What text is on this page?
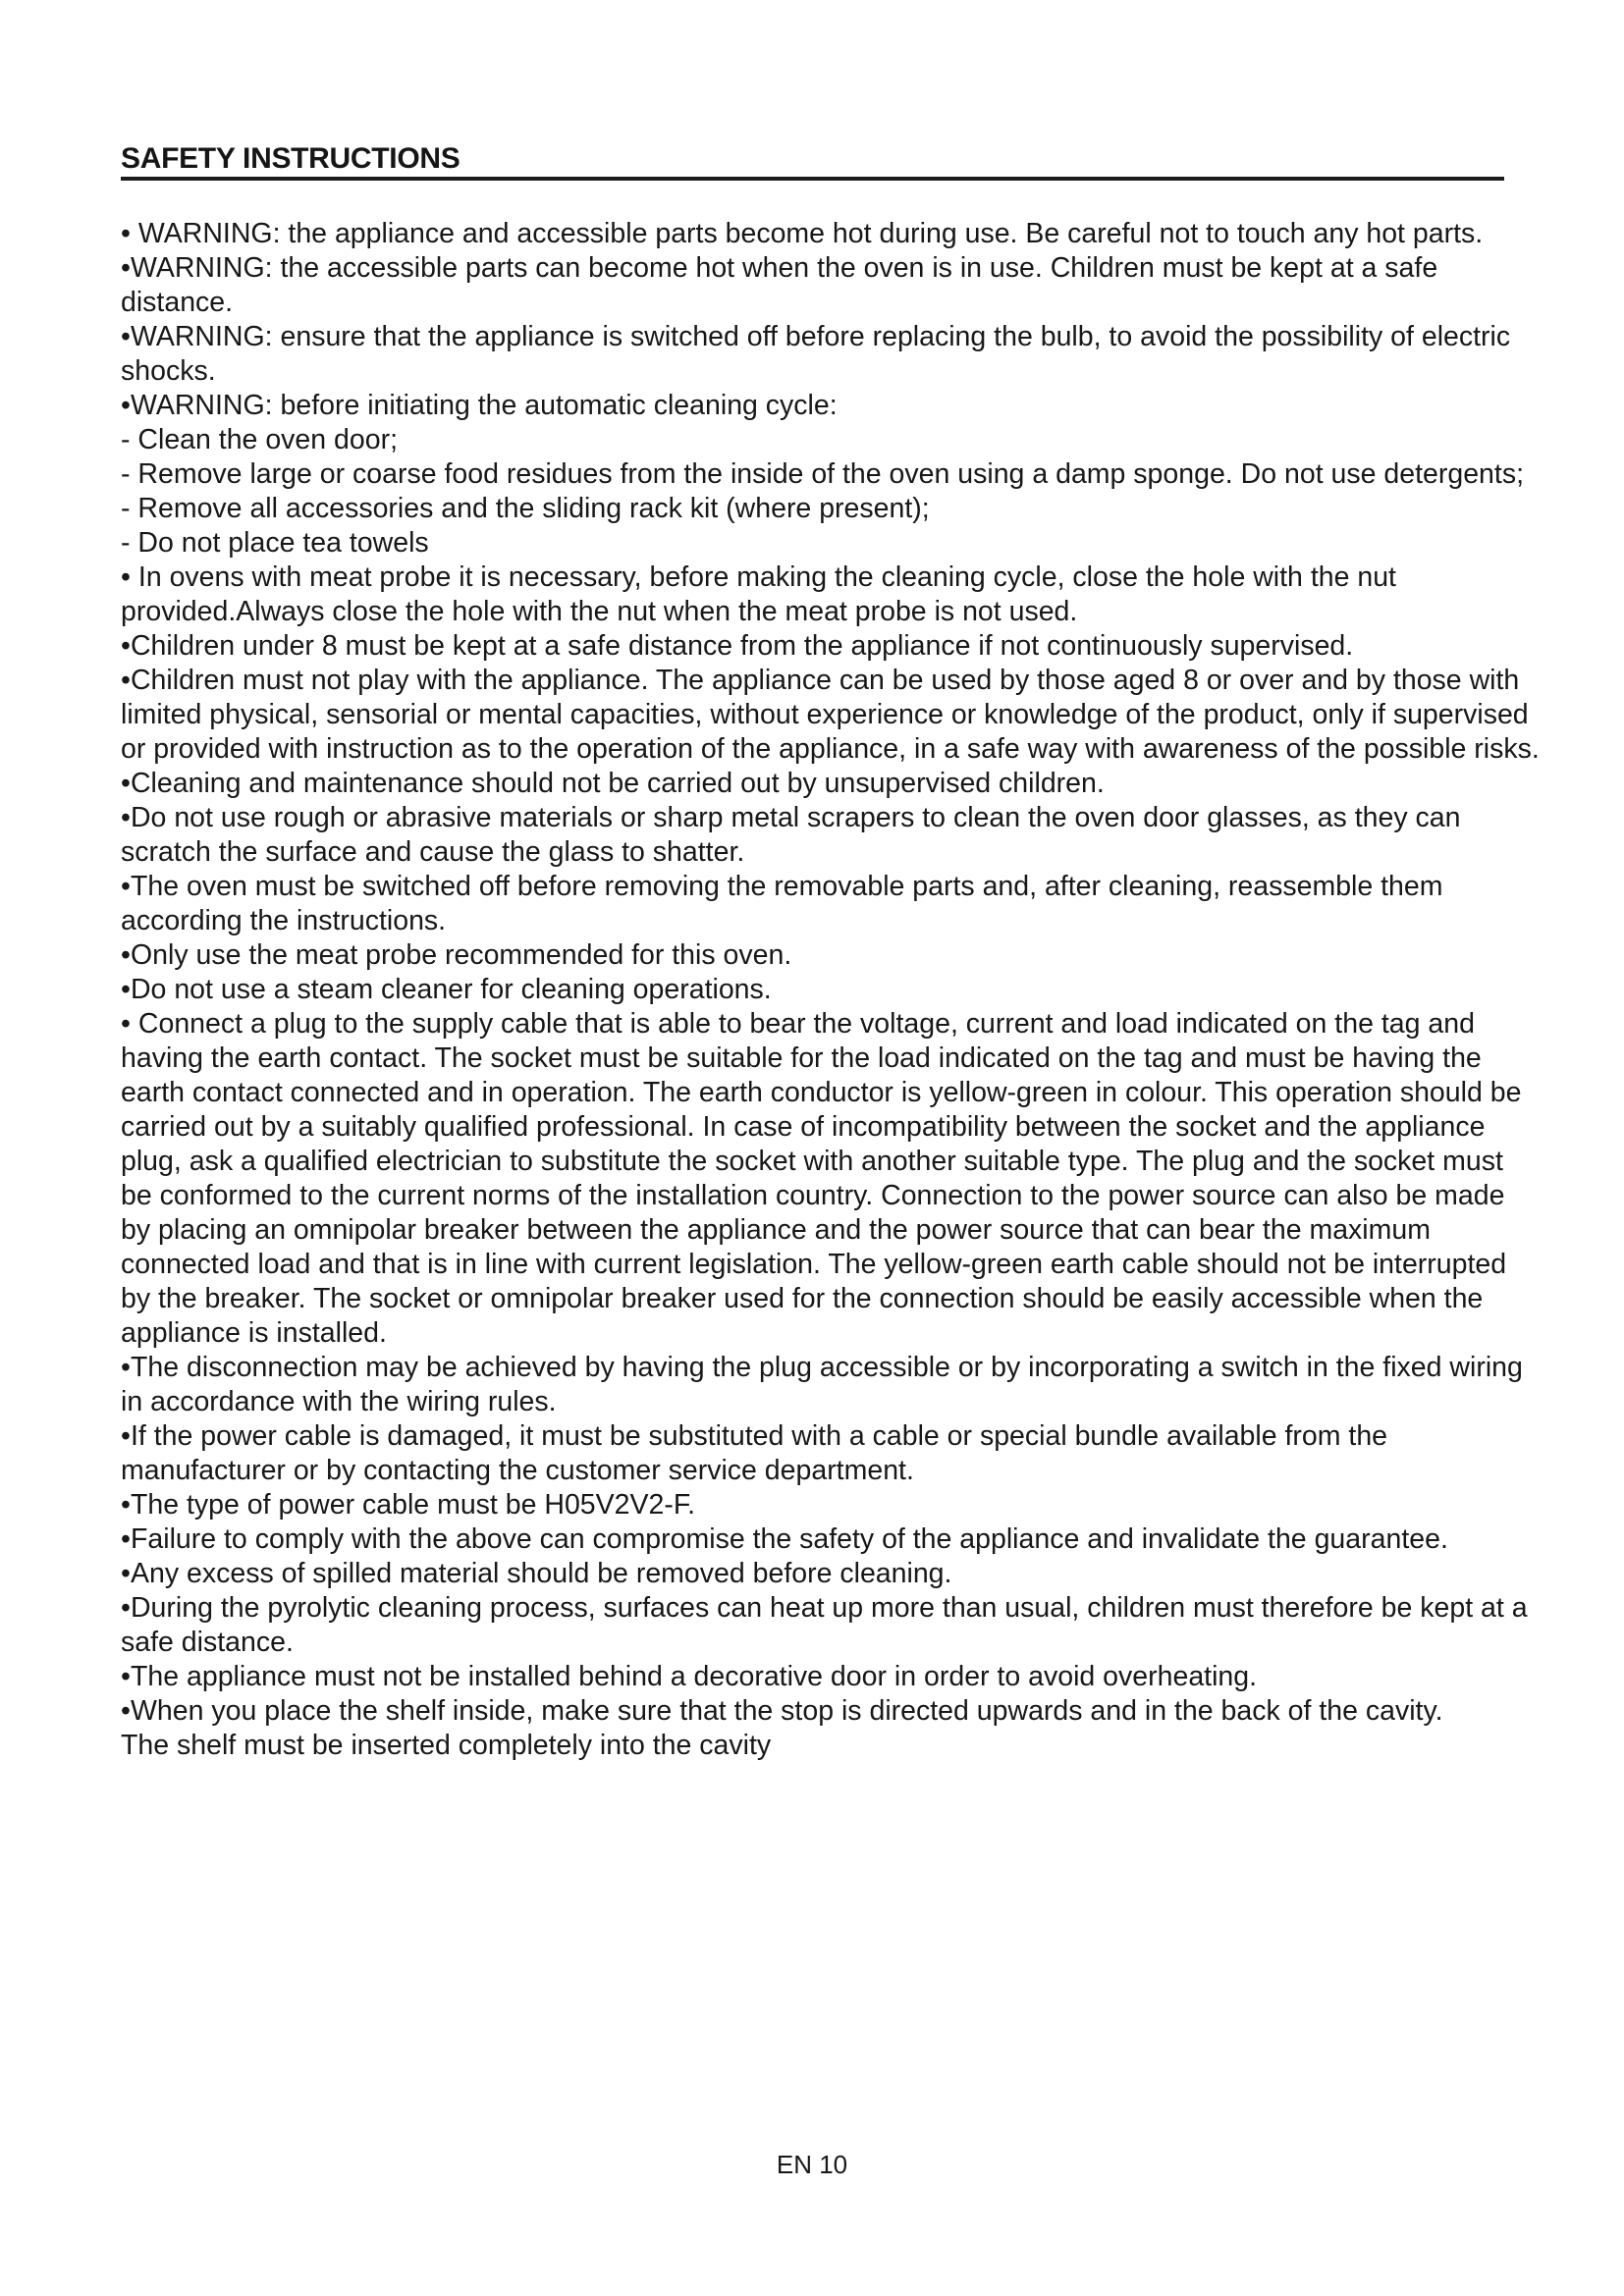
SAFETY INSTRUCTIONS

• WARNING: the appliance and accessible parts become hot during use. Be careful not to touch any hot parts.

•WARNING: the accessible parts can become hot when the oven is in use. Children must be kept at a safe distance.

•WARNING: ensure that the appliance is switched off before replacing the bulb, to avoid the possibility of electric shocks.

•WARNING: before initiating the automatic cleaning cycle:

- Clean the oven door;

- Remove large or coarse food residues from the inside of the oven using a damp sponge. Do not use detergents;

- Remove all accessories and the sliding rack kit (where present);

- Do not place tea towels

• In ovens with meat probe it is necessary, before making the cleaning cycle, close the hole with the nut provided.Always close the hole with the nut when the meat probe is not used.

•Children under 8 must be kept at a safe distance from the appliance if not continuously supervised.

•Children must not play with the appliance. The appliance can be used by those aged 8 or over and by those with limited physical, sensorial or mental capacities, without experience or knowledge of the product, only if supervised or provided with instruction as to the operation of the appliance, in a safe way with awareness of the possible risks.

•Cleaning and maintenance should not be carried out by unsupervised children.

•Do not use rough or abrasive materials or sharp metal scrapers to clean the oven door glasses, as they can scratch the surface and cause the glass to shatter.

•The oven must be switched off before removing the removable parts and, after cleaning, reassemble them according the instructions.

•Only use the meat probe recommended for this oven.

•Do not use a steam cleaner for cleaning operations.

• Connect a plug to the supply cable that is able to bear the voltage, current and load indicated on the tag and having the earth contact. The socket must be suitable for the load indicated on the tag and must be having the earth contact connected and in operation. The earth conductor is yellow-green in colour. This operation should be carried out by a suitably qualified professional. In case of incompatibility between the socket and the appliance plug, ask a qualified electrician to substitute the socket with another suitable type. The plug and the socket must be conformed to the current norms of the installation country. Connection to the power source can also be made by placing an omnipolar breaker between the appliance and the power source that can bear the maximum connected load and that is in line with current legislation. The yellow-green earth cable should not be interrupted by the breaker. The socket or omnipolar breaker used for the connection should be easily accessible when the appliance is installed.

•The disconnection may be achieved by having the plug accessible or by incorporating a switch in the fixed wiring in accordance with the wiring rules.

•If the power cable is damaged, it must be substituted with a cable or special bundle available from the manufacturer or by contacting the customer service department.

•The type of power cable must be H05V2V2-F.

•Failure to comply with the above can compromise the safety of the appliance and invalidate the guarantee.

•Any excess of spilled material should be removed before cleaning.

•During the pyrolytic cleaning process, surfaces can heat up more than usual, children must therefore be kept at a safe distance.

•The appliance must not be installed behind a decorative door in order to avoid overheating.

•When you place the shelf inside, make sure that the stop is directed upwards and in the back of the cavity.

The shelf must be inserted completely into the cavity

EN 10
